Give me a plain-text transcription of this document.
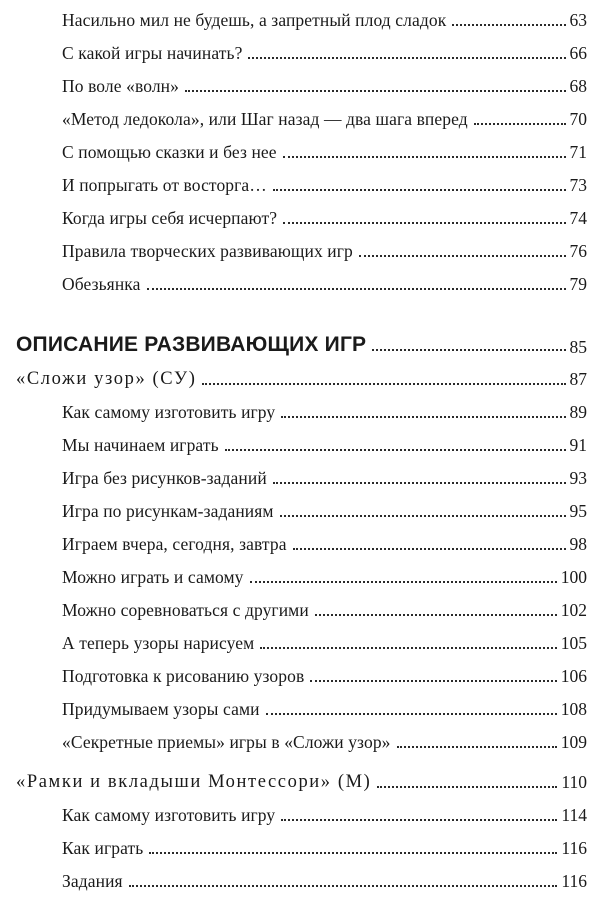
Насильно мил не будешь, а запретный плод сладок	63
С какой игры начинать?	66
По воле «волн»	68
«Метод ледокола», или Шаг назад — два шага вперед	70
С помощью сказки и без нее	71
И попрыгать от восторга…	73
Когда игры себя исчерпают?	74
Правила творческих развивающих игр	76
Обезьянка	79
ОПИСАНИЕ РАЗВИВАЮЩИХ ИГР	85
«Сложи узор» (СУ)	87
Как самому изготовить игру	89
Мы начинаем играть	91
Игра без рисунков-заданий	93
Игра по рисункам-заданиям	95
Играем вчера, сегодня, завтра	98
Можно играть и самому	100
Можно соревноваться с другими	102
А теперь узоры нарисуем	105
Подготовка к рисованию узоров	106
Придумываем узоры сами	108
«Секретные приемы» игры в «Сложи узор»	109
«Рамки и вкладыши Монтессори» (М)	110
Как самому изготовить игру	114
Как играть	116
Задания	116
